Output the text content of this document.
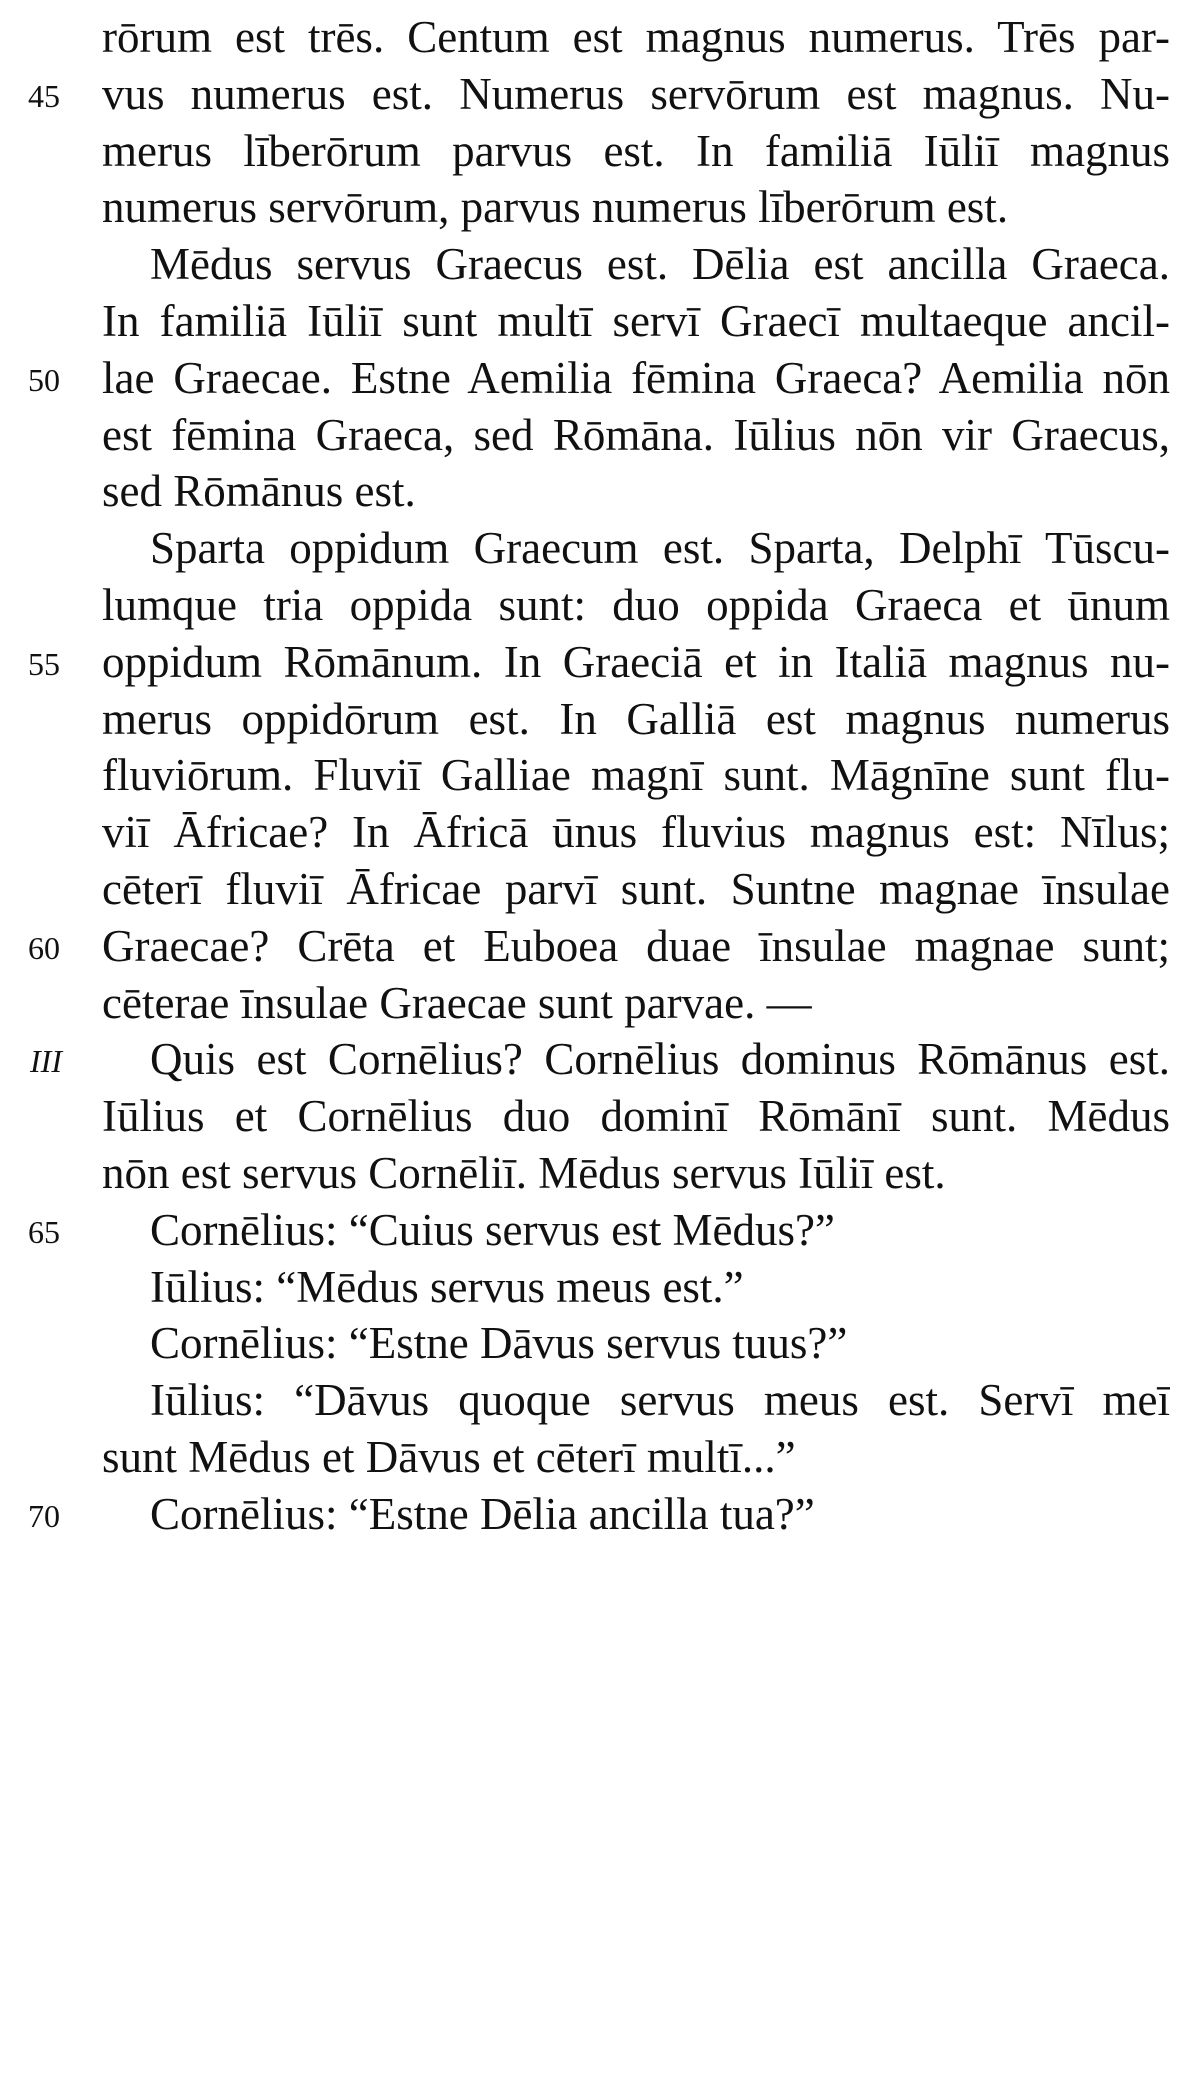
rōrum est trēs. Centum est magnus numerus. Trēs par-
vus numerus est. Numerus servōrum est magnus. Nu-
merus līberōrum parvus est. In familiā Iūliī magnus
numerus servōrum, parvus numerus līberōrum est.
Mēdus servus Graecus est. Dēlia est ancilla Graeca.
In familiā Iūliī sunt multī servī Graecī multaeque ancil-
lae Graecae. Estne Aemilia fēmina Graeca? Aemilia nōn
est fēmina Graeca, sed Rōmāna. Iūlius nōn vir Graecus,
sed Rōmānus est.
Sparta oppidum Graecum est. Sparta, Delphī Tūscu-
lumque tria oppida sunt: duo oppida Graeca et ūnum
oppidum Rōmānum. In Graeciā et in Italiā magnus nu-
merus oppidōrum est. In Galliā est magnus numerus
fluviōrum. Fluviī Galliae magnī sunt. Māgnīne sunt flu-
viī Āfricae? In Āfricā ūnus fluvius magnus est: Nīlus;
cēterī fluviī Āfricae parvī sunt. Suntne magnae īnsulae
Graecae? Crēta et Euboea duae īnsulae magnae sunt;
cēterae īnsulae Graecae sunt parvae. —
Quis est Cornēlius? Cornēlius dominus Rōmānus est.
Iūlius et Cornēlius duo dominī Rōmānī sunt. Mēdus
nōn est servus Cornēliī. Mēdus servus Iūliī est.
Cornēlius: “Cuius servus est Mēdus?”
Iūlius: “Mēdus servus meus est.”
Cornēlius: “Estne Dāvus servus tuus?”
Iūlius: “Dāvus quoque servus meus est. Servī meī
sunt Mēdus et Dāvus et cēterī multī...”
Cornēlius: “Estne Dēlia ancilla tua?”
45
50
55
60
III
65
70
